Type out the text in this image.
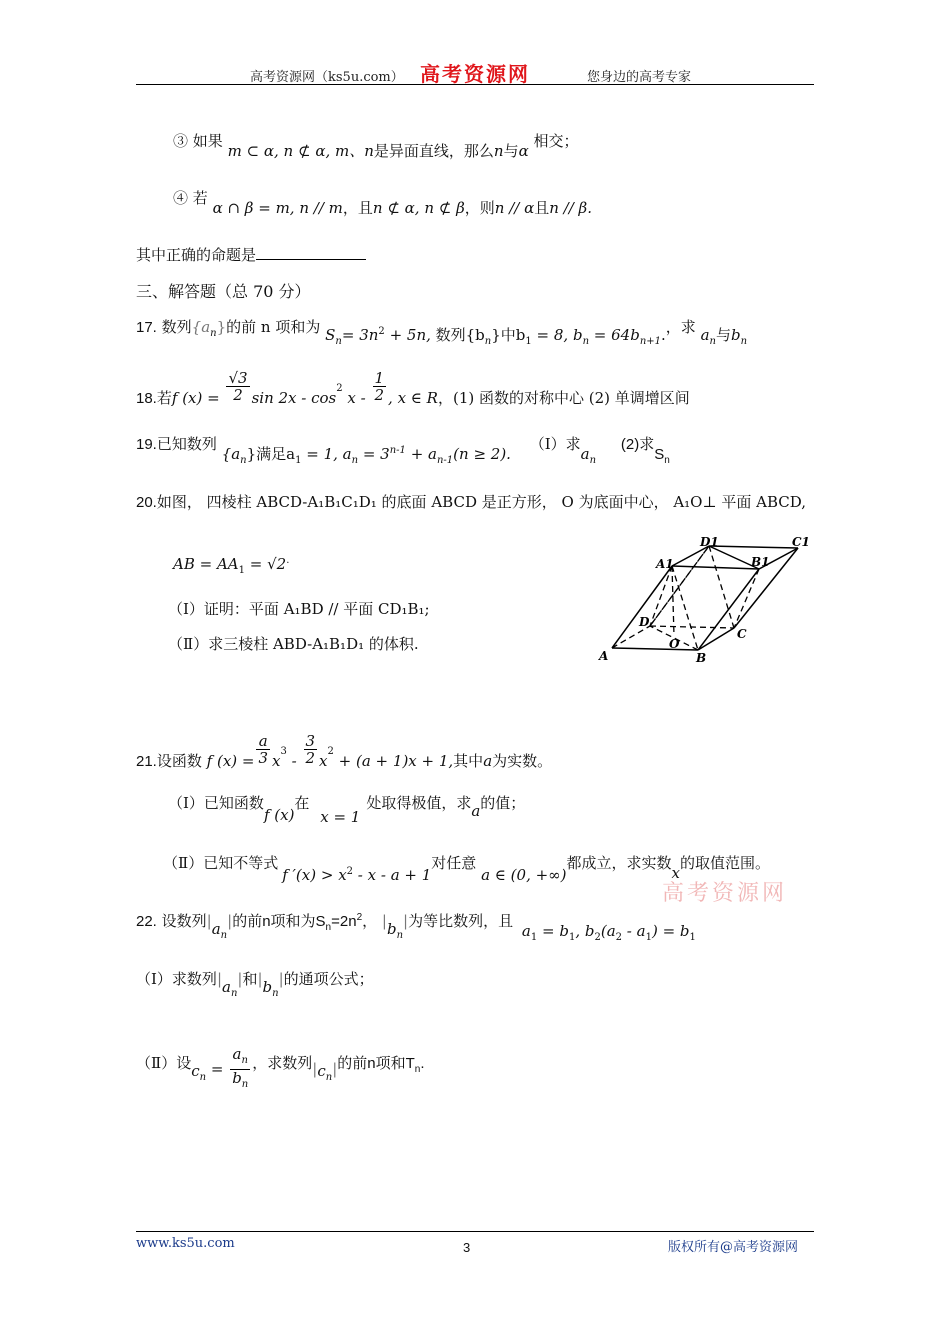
高考资源网（ks5u.com） 高考资源网	您身边的高考专家
③ 如果 m ⊂ α, n ⊄ α, m、n是异面直线，那么n与α 相交；
④ 若 α ∩ β = m, n // m，且n ⊄ α, n ⊄ β，则n // α且n // β.
其中正确的命题是
三、解答题（总 70 分）
17. 数列$\{a_n\}$的前 n 项和为 $S_n= 3n^2 + 5n$, 数列$\{b_n\}$中$b_1 = 8$, $b_n = 64b_{n+1}$.，求 $a_n$与$b_n$
18.若f $(x) = \frac{√3}{2}$ $\sin 2x - \cos^2 x - \frac{1}{2}$ , x ∈ R，(1) 函数的对称中心 (2) 单调增区间
19.已知数列 $\{a_n\}$满足$a_1 = 1$, $a_n = 3^{n-1} + a_{n-1}(n \ge 2)$. （Ⅰ）求$a_n$ (2)求$S_n$
20.如图， 四棱柱 ABCD-A₁B₁C₁D₁ 的底面 ABCD 是正方形， O 为底面中心， A₁O⊥ 平面 ABCD,
AB = $AA_1 = √2^.$
（Ⅰ）证明：平面 A₁BD // 平面 CD₁B₁;
（Ⅱ）求三棱柱 ABD-A₁B₁D₁ 的体积.
D1	C1
A1	B1
D
C
A
O
B
21.设函数 f $(x) = \frac{a}{3} x^3 - \frac{3}{2} x^2 + (a + 1)x + 1$,其中a为实数。
（Ⅰ）已知函数f (x)在 x = 1处取得极值，求a的值；
（Ⅱ）已知不等式f $'(x) > x^2 - x - a + 1$对任意 a ∈ (0, +∞)都成立，求实数x的取值范围。
高考资源网
22. 设数列$|a_n|$的前n项和为$S_n=2n^2$， $|b_n|$为等比数列，且 $a_1 = b_1$, $b_2(a_2 - a_1) = b_1$
（Ⅰ）求数列$|a_n|$和$|b_n|$的通项公式；
（Ⅱ）设$c_n = \frac{a_n}{b_n}$ ，求数列$|c_n|$的前n项和$T_n$.
www.ks5u.com	3	版权所有@高考资源网
